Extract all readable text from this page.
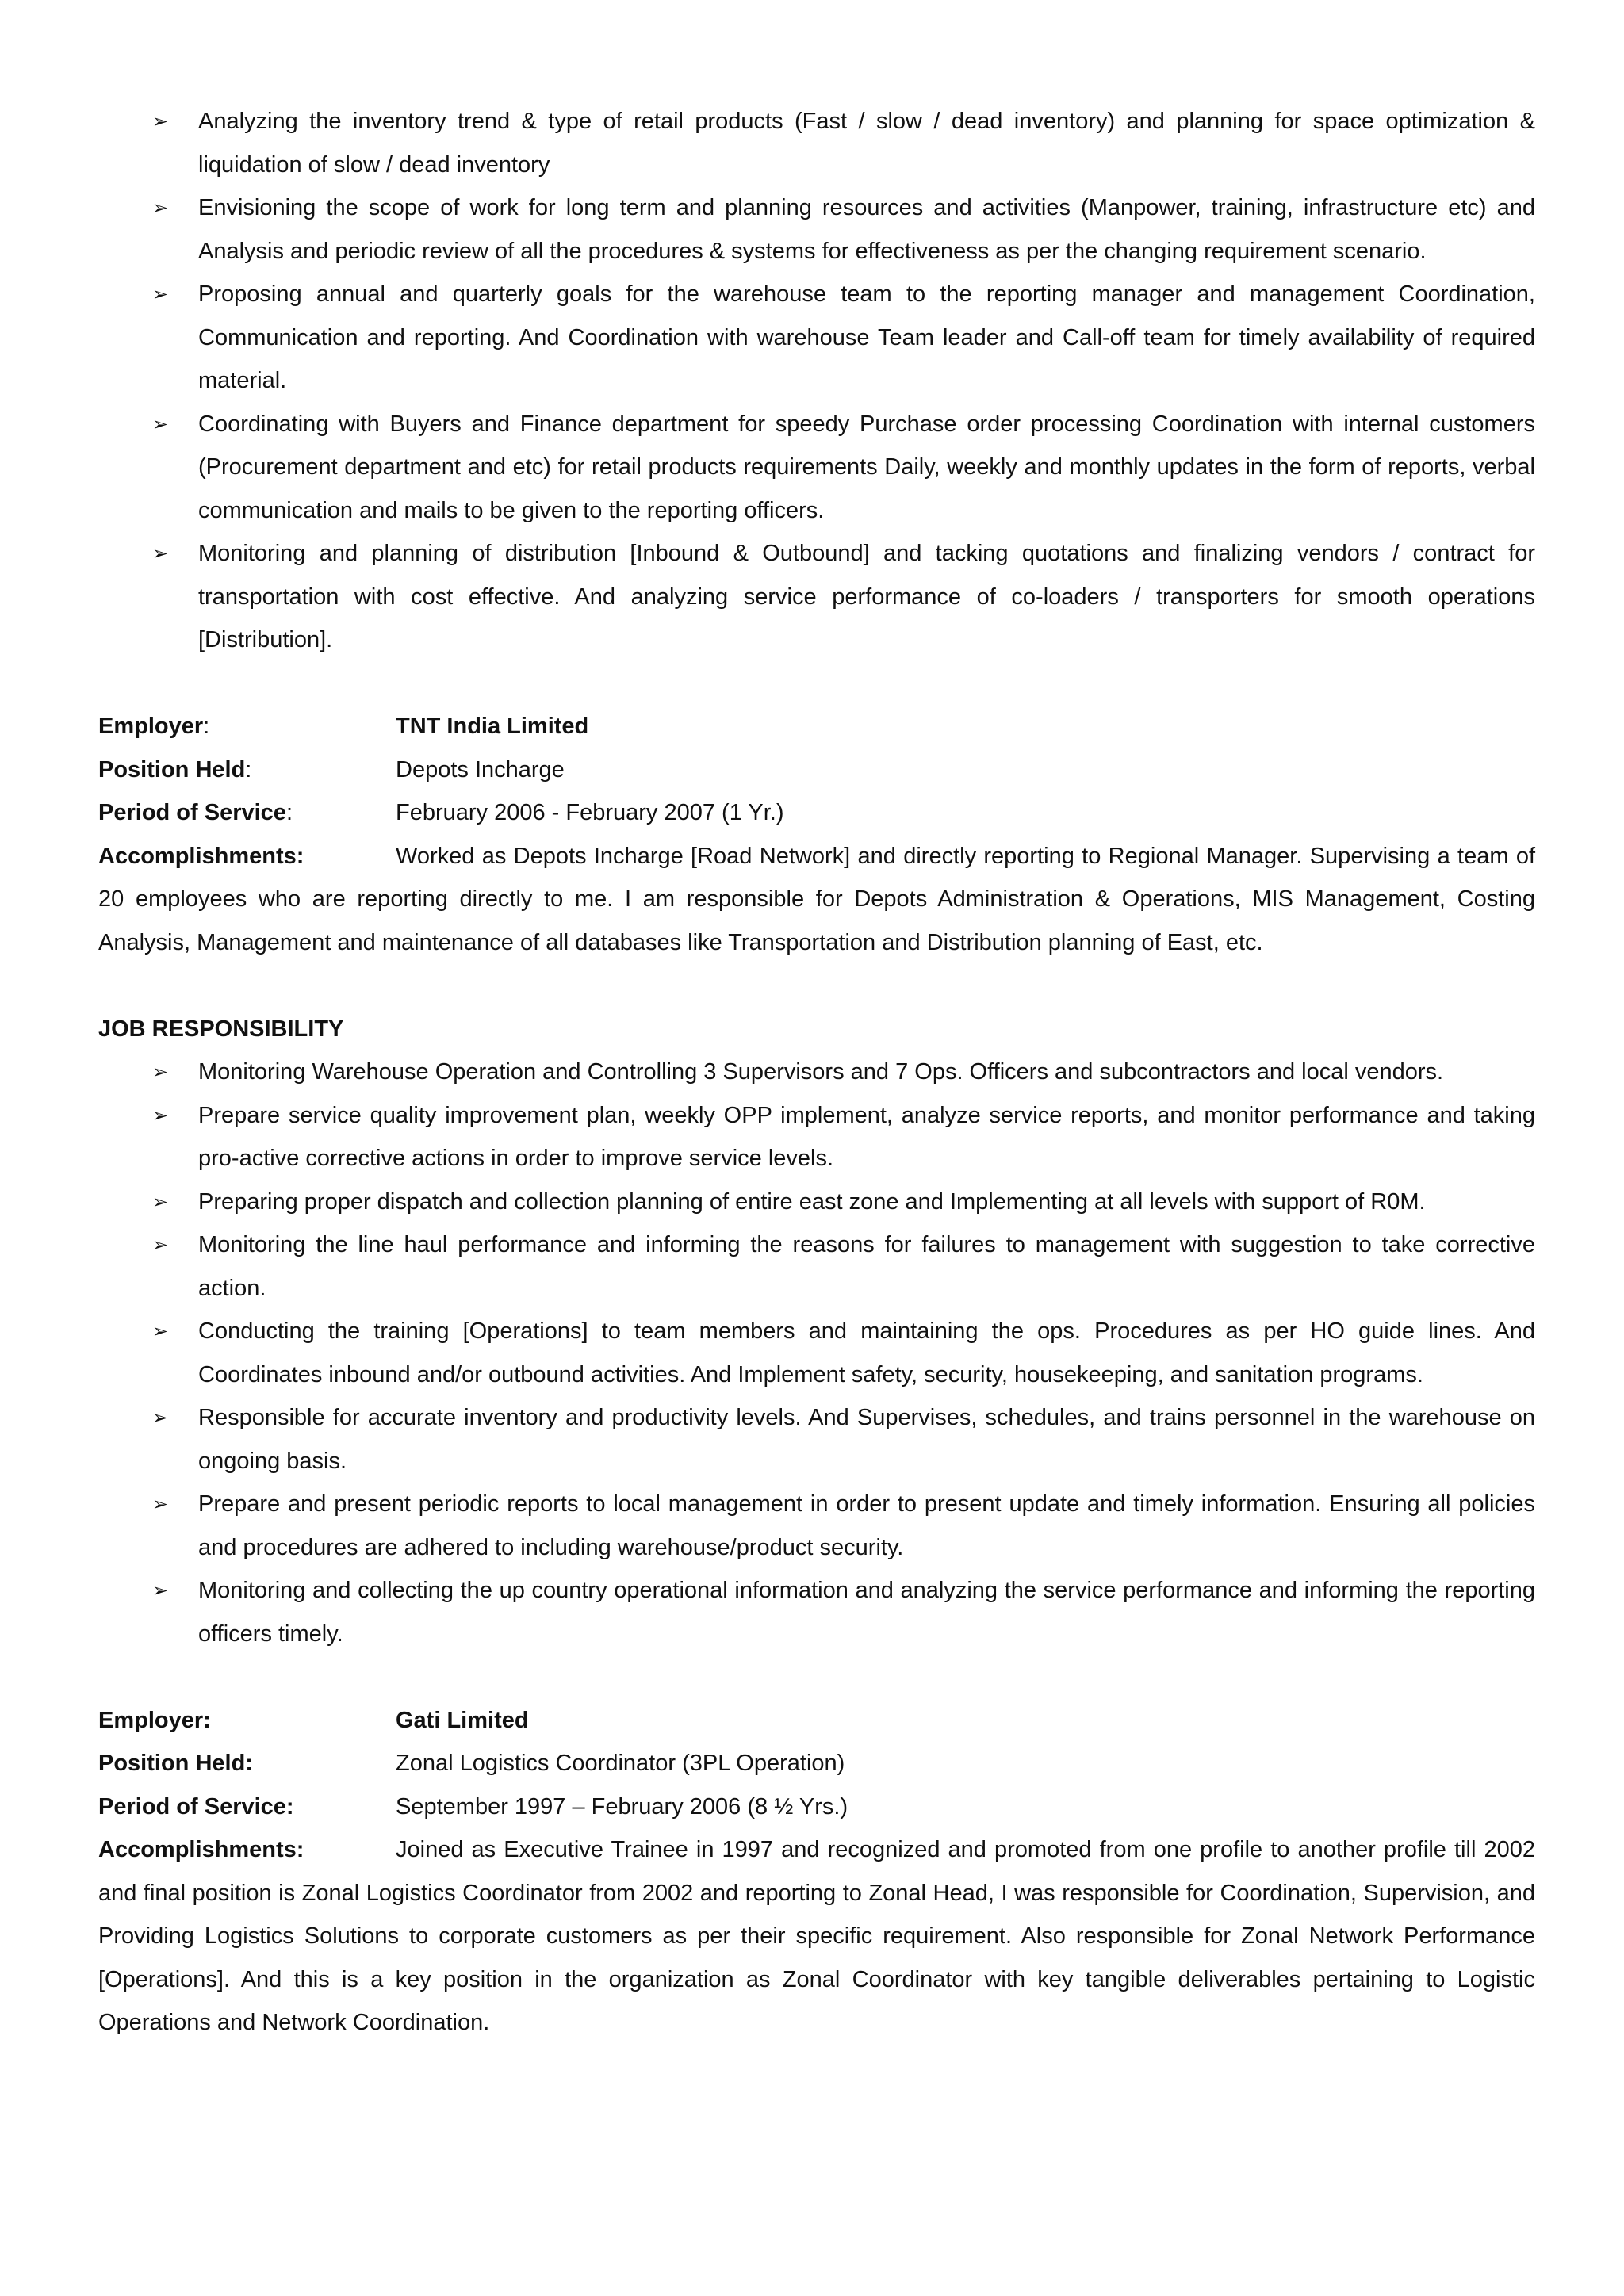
➢ Analyzing the inventory trend & type of retail products (Fast / slow / dead inventory) and planning for space optimization & liquidation of slow / dead inventory
➢ Envisioning the scope of work for long term and planning resources and activities (Manpower, training, infrastructure etc) and Analysis and periodic review of all the procedures & systems for effectiveness as per the changing requirement scenario.
➢ Proposing annual and quarterly goals for the warehouse team to the reporting manager and management Coordination, Communication and reporting. And Coordination with warehouse Team leader and Call-off team for timely availability of required material.
➢ Coordinating with Buyers and Finance department for speedy Purchase order processing Coordination with internal customers (Procurement department and etc) for retail products requirements Daily, weekly and monthly updates in the form of reports, verbal communication and mails to be given to the reporting officers.
➢ Monitoring and planning of distribution [Inbound & Outbound] and tacking quotations and finalizing vendors / contract for transportation with cost effective. And analyzing service performance of co-loaders / transporters for smooth operations [Distribution].
Employer:	TNT India Limited
Position Held:	Depots Incharge
Period of Service:	February 2006 - February 2007 (1 Yr.)

Accomplishments:	Worked as Depots Incharge [Road Network] and directly reporting to Regional Manager. Supervising a team of 20 employees who are reporting directly to me. I am responsible for Depots Administration & Operations, MIS Management, Costing Analysis, Management and maintenance of all databases like Transportation and Distribution planning of East, etc.

JOB RESPONSIBILITY
➢ Monitoring Warehouse Operation and Controlling 3 Supervisors and 7 Ops. Officers and subcontractors and local vendors.
➢ Prepare service quality improvement plan, weekly OPP implement, analyze service reports, and monitor performance and taking pro-active corrective actions in order to improve service levels.
➢ Preparing proper dispatch and collection planning of entire east zone and Implementing at all levels with support of R0M.
➢ Monitoring the line haul performance and informing the reasons for failures to management with suggestion to take corrective action.
➢ Conducting the training [Operations] to team members and maintaining the ops. Procedures as per HO guide lines. And Coordinates inbound and/or outbound activities. And Implement safety, security, housekeeping, and sanitation programs.
➢ Responsible for accurate inventory and productivity levels. And Supervises, schedules, and trains personnel in the warehouse on ongoing basis.
➢ Prepare and present periodic reports to local management in order to present update and timely information. Ensuring all policies and procedures are adhered to including warehouse/product security.
➢ Monitoring and collecting the up country operational information and analyzing the service performance and informing the reporting officers timely.
Employer:	Gati Limited
Position Held:	Zonal Logistics Coordinator (3PL Operation)
Period of Service:	September 1997 – February 2006 (8 ½ Yrs.)

Accomplishments:	Joined as Executive Trainee in 1997 and recognized and promoted from one profile to another profile till 2002 and final position is Zonal Logistics Coordinator from 2002 and reporting to Zonal Head, I was responsible for Coordination, Supervision, and Providing Logistics Solutions to corporate customers as per their specific requirement. Also responsible for Zonal Network Performance [Operations]. And this is a key position in the organization as Zonal Coordinator with key tangible deliverables pertaining to Logistic Operations and Network Coordination.
